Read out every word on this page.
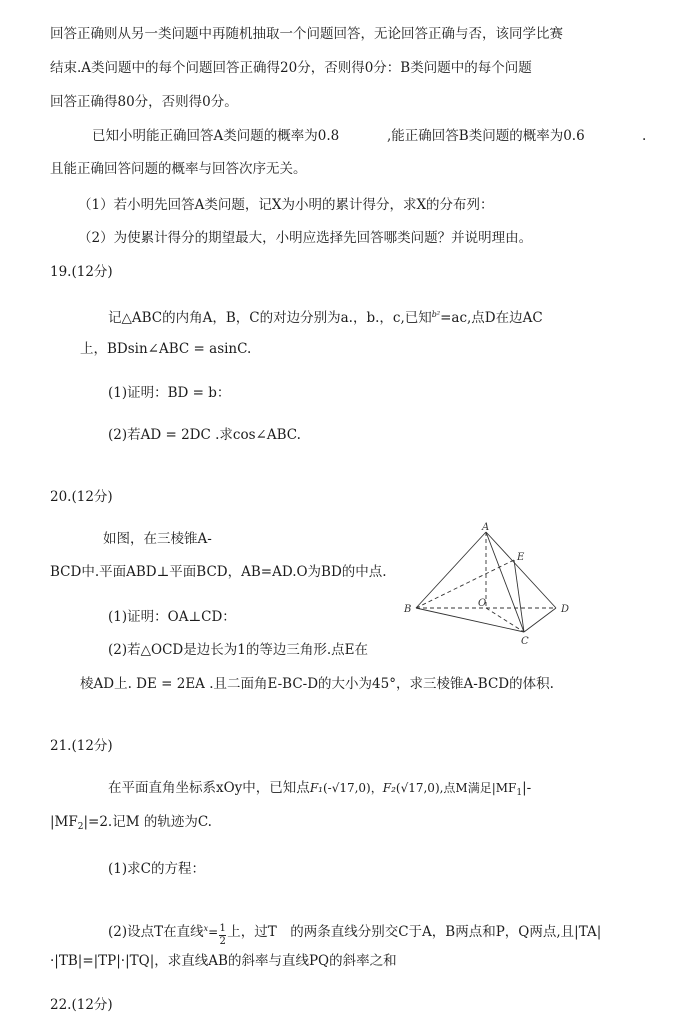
回答正确则从另一类问题中再随机抽取一个问题回答，无论回答正确与否，该同学比赛
结束.A类问题中的每个问题回答正确得20分，否则得0分：B类问题中的每个问题
回答正确得80分，否则得0分。
已知小明能正确回答A类问题的概率为0.8	,能正确回答B类问题的概率为0.6	.
且能正确回答问题的概率与回答次序无关。
（1）若小明先回答A类问题，记X为小明的累计得分，求X的分布列：
（2）为使累计得分的期望最大，小明应选择先回答哪类问题？并说明理由。
19.(12分)
记△ABC的内角A，B，C的对边分别为a.，b.，c,已知$^{b^2}$=ac,点D在边AC
上，BDsin∠ABC = asinC.
(1)证明：BD = b：
(2)若AD = 2DC .求cos∠ABC.
20.(12分)
如图，在三棱锥A-
BCD中.平面ABD⊥平面BCD，AB=AD.O为BD的中点.
(1)证明：OA⊥CD：
(2)若△OCD是边长为1的等边三角形.点E在
棱AD上. DE = 2EA .且二面角E-BC-D的大小为45°，求三棱锥A-BCD的体积.
A
B
C
D
E
O
21.(12分)
在平面直角坐标系xOy中，已知点F₁(-√17,0)，F₂(√17,0),点M满足$|MF_1|-$
$|MF_2|=2$.记M 的轨迹为C.
(1)求C的方程：
(2)设点T在直线$^x= \frac{1}{2}$ 上，过T　的两条直线分别交C于A，B两点和P，Q两点,且|TA|
·|TB|=|TP|·|TQ|，求直线AB的斜率与直线PQ的斜率之和
22.(12分)
